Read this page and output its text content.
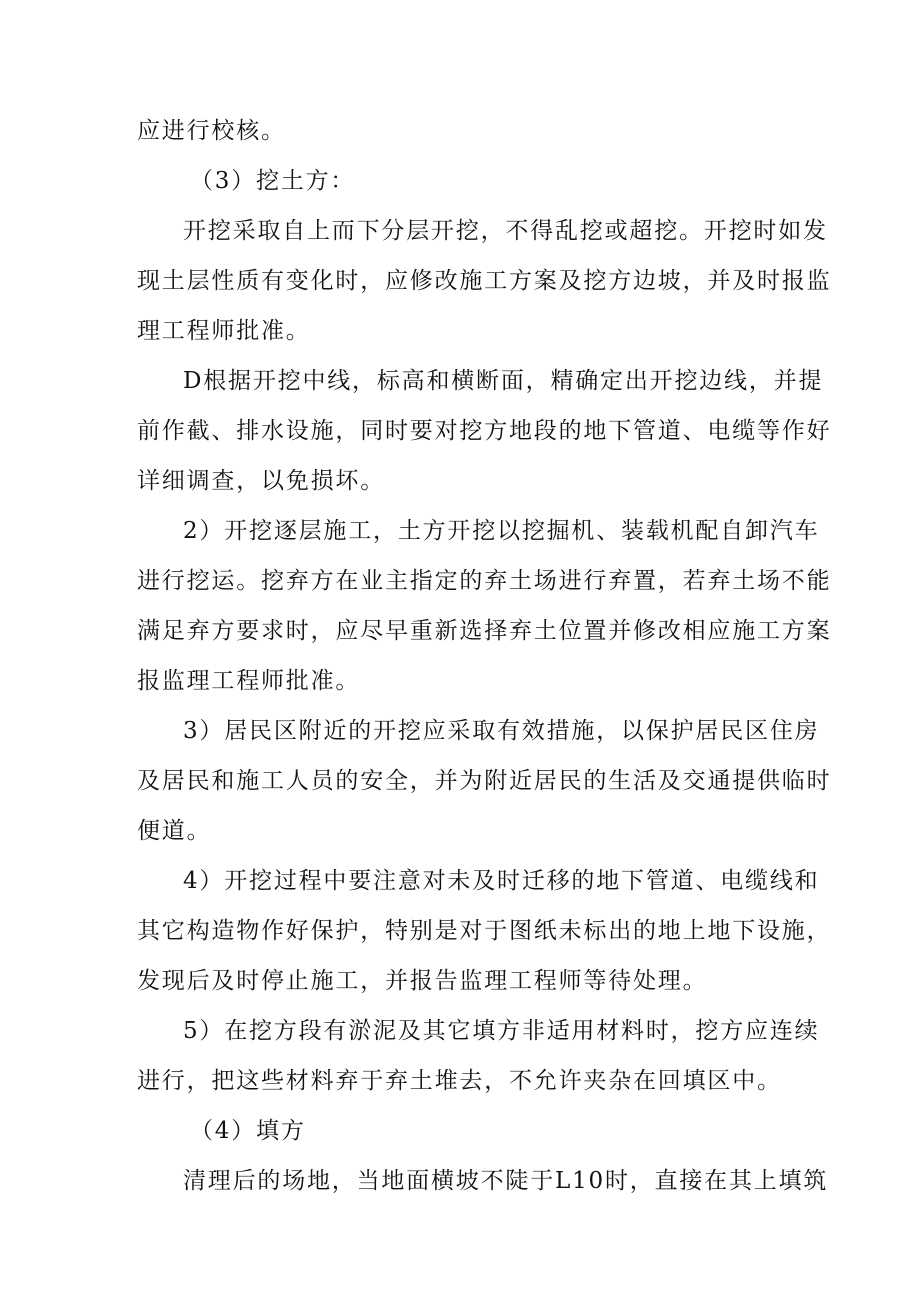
应进行校核。
（3）挖土方：
开挖采取自上而下分层开挖，不得乱挖或超挖。开挖时如发
现土层性质有变化时，应修改施工方案及挖方边坡，并及时报监
理工程师批准。
D根据开挖中线，标高和横断面，精确定出开挖边线，并提
前作截、排水设施，同时要对挖方地段的地下管道、电缆等作好
详细调查，以免损坏。
2）开挖逐层施工，土方开挖以挖掘机、装载机配自卸汽车
进行挖运。挖弃方在业主指定的弃土场进行弃置，若弃土场不能
满足弃方要求时，应尽早重新选择弃土位置并修改相应施工方案
报监理工程师批准。
3）居民区附近的开挖应采取有效措施，以保护居民区住房
及居民和施工人员的安全，并为附近居民的生活及交通提供临时
便道。
4）开挖过程中要注意对未及时迁移的地下管道、电缆线和
其它构造物作好保护，特别是对于图纸未标出的地上地下设施，
发现后及时停止施工，并报告监理工程师等待处理。
5）在挖方段有淤泥及其它填方非适用材料时，挖方应连续
进行，把这些材料弃于弃土堆去，不允许夹杂在回填区中。
（4）填方
清理后的场地，当地面横坡不陡于L10时，直接在其上填筑
